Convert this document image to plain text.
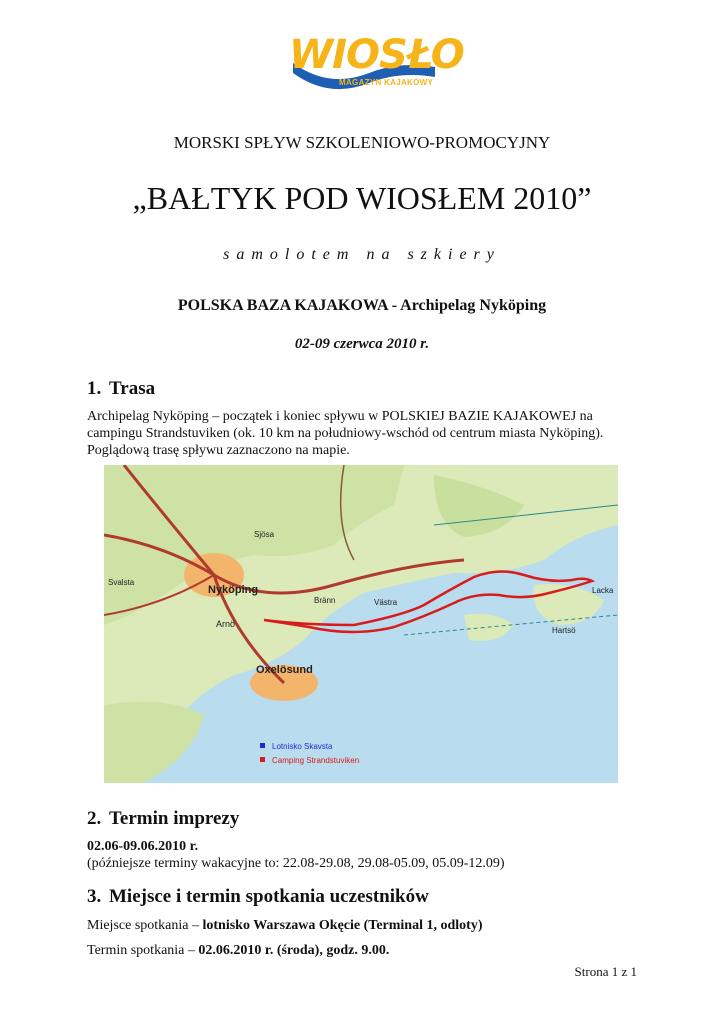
WIOSŁO
MAGAZYN KAJAKOWY
MORSKI SPŁYW SZKOLENIOWO-PROMOCYJNY
„BAŁTYK POD WIOSŁEM 2010”
samolotem na szkiery
POLSKA BAZA KAJAKOWA - Archipelag Nyköping
02-09 czerwca 2010 r.
1. Trasa
Archipelag Nyköping – początek i koniec spływu w POLSKIEJ BAZIE KAJAKOWEJ na
campingu Strandstuviken (ok. 10 km na południowy-wschód od centrum miasta Nyköping).
Poglądową trasę spływu zaznaczono na mapie.
Nyköping
Oxelösund
Arnö
Svalsta
Sjösa
Bränn	Västra
Lacka
Hartsö
Lotnisko Skavsta
Camping Strandstuviken
2. Termin imprezy
02.06-09.06.2010 r.
(późniejsze terminy wakacyjne to: 22.08-29.08, 29.08-05.09, 05.09-12.09)
3. Miejsce i termin spotkania uczestników
Miejsce spotkania – lotnisko Warszawa Okęcie (Terminal 1, odloty)
Termin spotkania – 02.06.2010 r. (środa), godz. 9.00.
Strona 1 z 1
